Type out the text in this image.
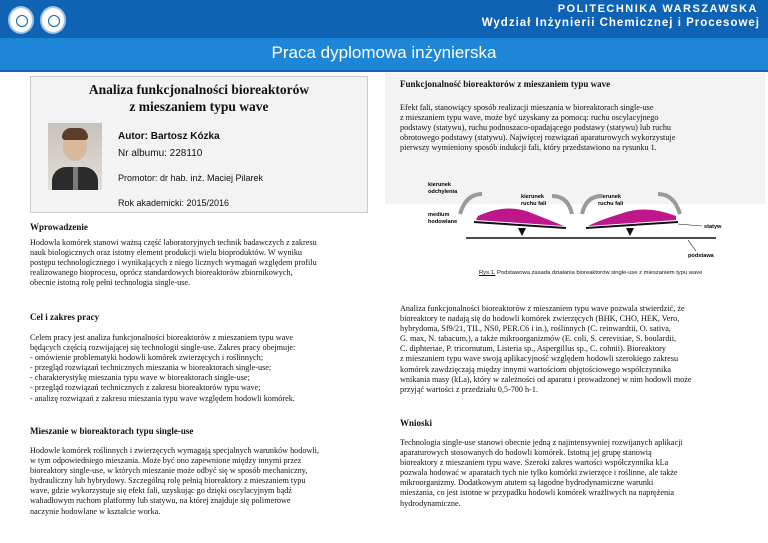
POLITECHNIKA WARSZAWSKA
Wydział Inżynierii Chemicznej i Procesowej
Praca dyplomowa inżynierska
Analiza funkcjonalności bioreaktorów
z mieszaniem typu wave
Autor: Bartosz Kózka
Nr albumu: 228110
Promotor: dr hab. inż. Maciej Pilarek
Rok akademicki: 2015/2016
Wprowadzenie
Hodowla komórek stanowi ważną część laboratoryjnych technik badawczych z zakresu
nauk biologicznych oraz istotny element produkcji wielu bioproduktów. W wyniku
postępu technologicznego i wynikających z niego licznych wymagań względem profilu
realizowanego bioprocesu, oprócz standardowych bioreaktorów zbiornikowych,
obecnie istotną rolę pełni technologia single-use.
Cel i zakres pracy
Celem pracy jest analiza funkcjonalności bioreaktorów z mieszaniem typu wave
będących częścią rozwijającej się technologii single-use. Zakres pracy obejmuje:
- omówienie problematyki hodowli komórek zwierzęcych i roślinnych;
- przegląd rozwiązań technicznych mieszania w bioreaktorach single-use;
- charakterystykę mieszania typu wave w bioreaktorach single-use;
- przegląd rozwiązań technicznych z zakresu bioreaktorów typu wave;
- analizę rozwiązań z zakresu mieszania typu wave względem hodowli komórek.
Mieszanie w bioreaktorach typu single-use
Hodowle komórek roślinnych i zwierzęcych wymagają specjalnych warunków hodowli,
w tym odpowiedniego mieszania. Może być ono zapewnione między innymi przez
bioreaktory single-use, w których mieszanie może odbyć się w sposób mechaniczny,
hydrauliczny lub hybrydowy. Szczególną rolę pełnią bioreaktory z mieszaniem typu
wave, gdzie wykorzystuje się efekt fali, uzyskując go dzięki oscylacyjnym bądź
wahadłowym ruchom platformy lub statywu, na której znajduje się polimerowe
naczynie hodowlane w kształcie worka.
Funkcjonalność bioreaktorów z mieszaniem typu wave
Efekt fali, stanowiący sposób realizacji mieszania w bioreaktorach single-use
z mieszaniem typu wave, może być uzyskany za pomocą: ruchu oscylacyjnego
podstawy (statywu), ruchu podnoszaco-opadającego podstawy (statywu) lub ruchu
obrotowego podstawy (statywu). Najwięcej rozwiązań aparaturowych wykorzystuje
pierwszy wymieniony sposób indukcji fali, który przedstawiono na rysunku 1.
kierunek
odchylenia
medium
hodowlane
kierunek
ruchu fali
kierunek
ruchu fali
statyw
podstawa
Rys.1. Podstawowa zasada działania bioreaktorów single-use z mieszaniem typu wave
Analiza funkcjonalności bioreaktorów z mieszaniem typu wave pozwala stwierdzić, że
bioreaktory te nadają się do hodowli komórek zwierzęcych (BHK, CHO, HEK, Vero,
hybrydoma, Sf9/21, TIL, NS0, PER.C6 i in.), roślinnych (C. reinwardtii, O. sativa,
G. max, N. tabacum,), a także mikroorganizmów (E. coli, S. cerevisiae, S. boulardii,
C. diphteriae, P. tricornutum, Listeria sp., Aspergillus sp., C. cohnii). Bioreaktory
z mieszaniem typu wave swoją aplikacyjność względem hodowli szerokiego zakresu
komórek zawdzięczają między innymi wartościom objętościowego współczynnika
wnikania masy (kLa), który w zależności od aparatu i prowadzonej w nim hodowli może
przyjąć wartości z przedziału 0,5-700 h-1.
Wnioski
Technologia single-use stanowi obecnie jedną z najintensywniej rozwijanych aplikacji
aparaturowych stosowanych do hodowli komórek. Istotną jej grupę stanowią
bioreaktory z mieszaniem typu wave. Szeroki zakres wartości współczynnika kLa
pozwala hodować w aparatach tych nie tylko komórki zwierzęce i roślinne, ale także
mikroorganizmy. Dodatkowym atutem są łagodne hydrodynamiczne warunki
mieszania, co jest istotne w przypadku hodowli komórek wrażliwych na naprężenia
hydrodynamiczne.
